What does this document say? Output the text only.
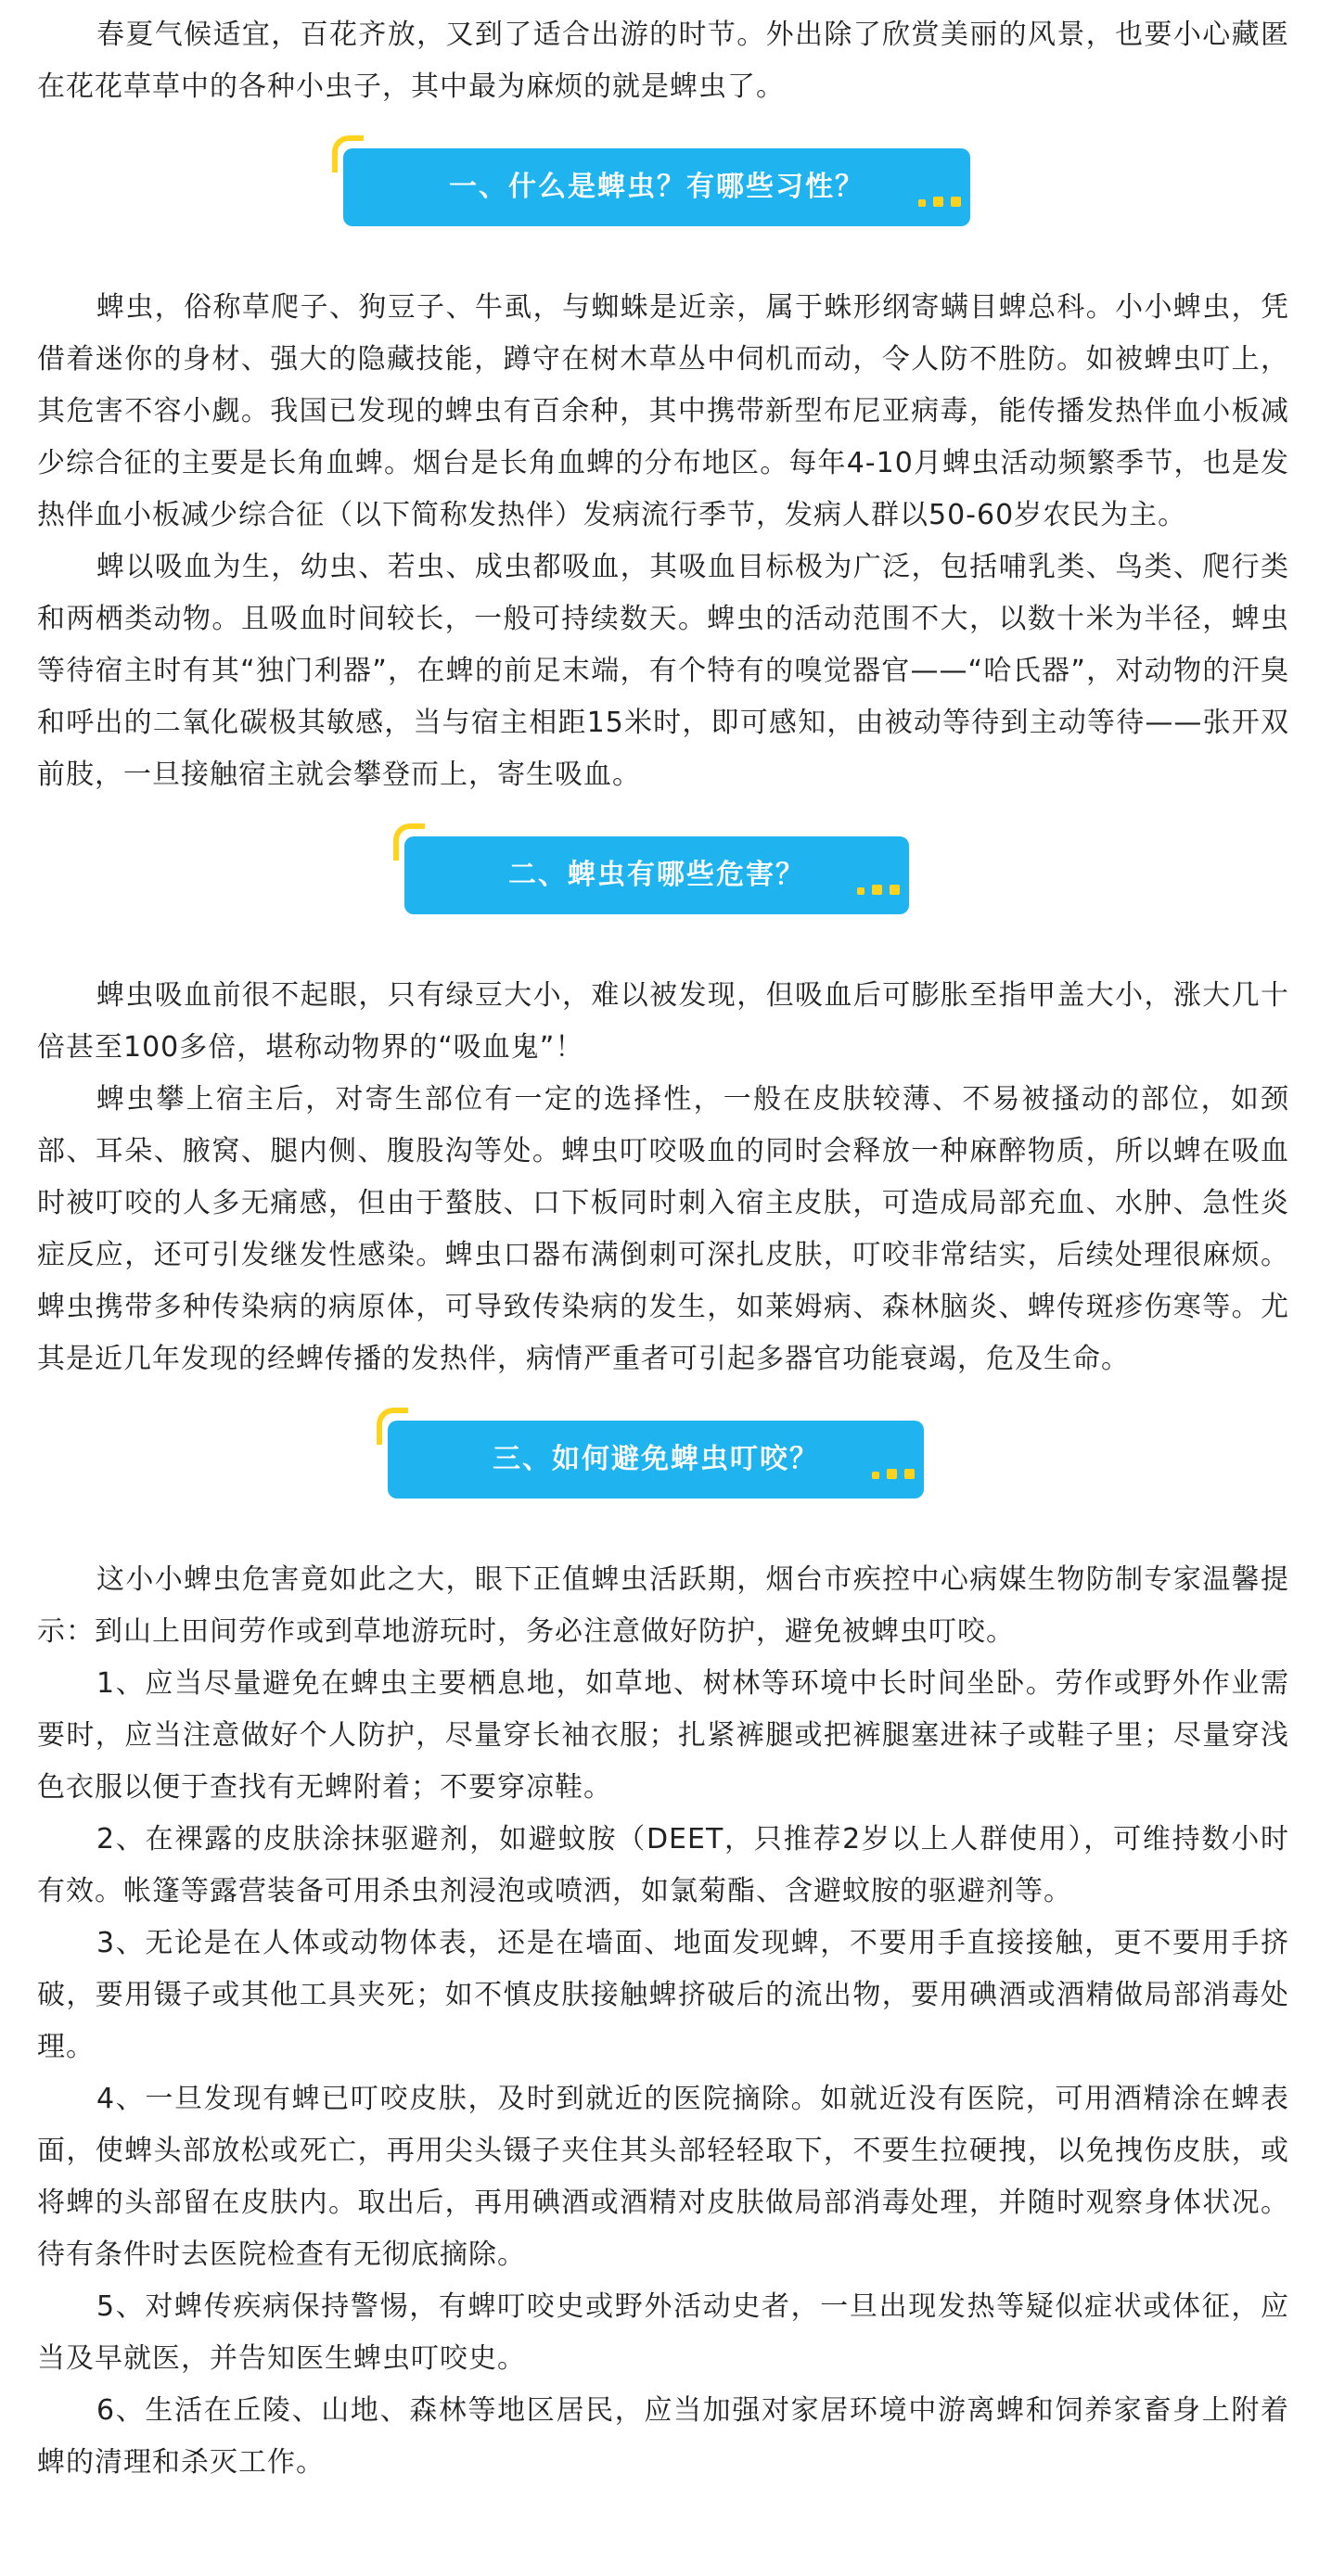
春夏气候适宜，百花齐放，又到了适合出游的时节。外出除了欣赏美丽的风景，也要小心藏匿在花花草草中的各种小虫子，其中最为麻烦的就是蜱虫了。

一、什么是蜱虫？有哪些习性？

蜱虫，俗称草爬子、狗豆子、牛虱，与蜘蛛是近亲，属于蛛形纲寄螨目蜱总科。小小蜱虫，凭借着迷你的身材、强大的隐藏技能，蹲守在树木草丛中伺机而动，令人防不胜防。如被蜱虫叮上，其危害不容小觑。我国已发现的蜱虫有百余种，其中携带新型布尼亚病毒，能传播发热伴血小板减少综合征的主要是长角血蜱。烟台是长角血蜱的分布地区。每年4-10月蜱虫活动频繁季节，也是发热伴血小板减少综合征（以下简称发热伴）发病流行季节，发病人群以50-60岁农民为主。

蜱以吸血为生，幼虫、若虫、成虫都吸血，其吸血目标极为广泛，包括哺乳类、鸟类、爬行类和两栖类动物。且吸血时间较长，一般可持续数天。蜱虫的活动范围不大，以数十米为半径，蜱虫等待宿主时有其“独门利器”，在蜱的前足末端，有个特有的嗅觉器官——“哈氏器”，对动物的汗臭和呼出的二氧化碳极其敏感，当与宿主相距15米时，即可感知，由被动等待到主动等待——张开双前肢，一旦接触宿主就会攀登而上，寄生吸血。

二、蜱虫有哪些危害？

蜱虫吸血前很不起眼，只有绿豆大小，难以被发现，但吸血后可膨胀至指甲盖大小，涨大几十倍甚至100多倍，堪称动物界的“吸血鬼”！

蜱虫攀上宿主后，对寄生部位有一定的选择性，一般在皮肤较薄、不易被搔动的部位，如颈部、耳朵、腋窝、腿内侧、腹股沟等处。蜱虫叮咬吸血的同时会释放一种麻醉物质，所以蜱在吸血时被叮咬的人多无痛感，但由于螯肢、口下板同时刺入宿主皮肤，可造成局部充血、水肿、急性炎症反应，还可引发继发性感染。蜱虫口器布满倒刺可深扎皮肤，叮咬非常结实，后续处理很麻烦。蜱虫携带多种传染病的病原体，可导致传染病的发生，如莱姆病、森林脑炎、蜱传斑疹伤寒等。尤其是近几年发现的经蜱传播的发热伴，病情严重者可引起多器官功能衰竭，危及生命。

三、如何避免蜱虫叮咬？

这小小蜱虫危害竟如此之大，眼下正值蜱虫活跃期，烟台市疾控中心病媒生物防制专家温馨提示：到山上田间劳作或到草地游玩时，务必注意做好防护，避免被蜱虫叮咬。

1、应当尽量避免在蜱虫主要栖息地，如草地、树林等环境中长时间坐卧。劳作或野外作业需要时，应当注意做好个人防护，尽量穿长袖衣服；扎紧裤腿或把裤腿塞进袜子或鞋子里；尽量穿浅色衣服以便于查找有无蜱附着；不要穿凉鞋。

2、在裸露的皮肤涂抹驱避剂，如避蚊胺（DEET，只推荐2岁以上人群使用），可维持数小时有效。帐篷等露营装备可用杀虫剂浸泡或喷洒，如氯菊酯、含避蚊胺的驱避剂等。

3、无论是在人体或动物体表，还是在墙面、地面发现蜱，不要用手直接接触，更不要用手挤破，要用镊子或其他工具夹死；如不慎皮肤接触蜱挤破后的流出物，要用碘酒或酒精做局部消毒处理。

4、一旦发现有蜱已叮咬皮肤，及时到就近的医院摘除。如就近没有医院，可用酒精涂在蜱表面，使蜱头部放松或死亡，再用尖头镊子夹住其头部轻轻取下，不要生拉硬拽，以免拽伤皮肤，或将蜱的头部留在皮肤内。取出后，再用碘酒或酒精对皮肤做局部消毒处理，并随时观察身体状况。待有条件时去医院检查有无彻底摘除。

5、对蜱传疾病保持警惕，有蜱叮咬史或野外活动史者，一旦出现发热等疑似症状或体征，应当及早就医，并告知医生蜱虫叮咬史。

6、生活在丘陵、山地、森林等地区居民，应当加强对家居环境中游离蜱和饲养家畜身上附着蜱的清理和杀灭工作。
